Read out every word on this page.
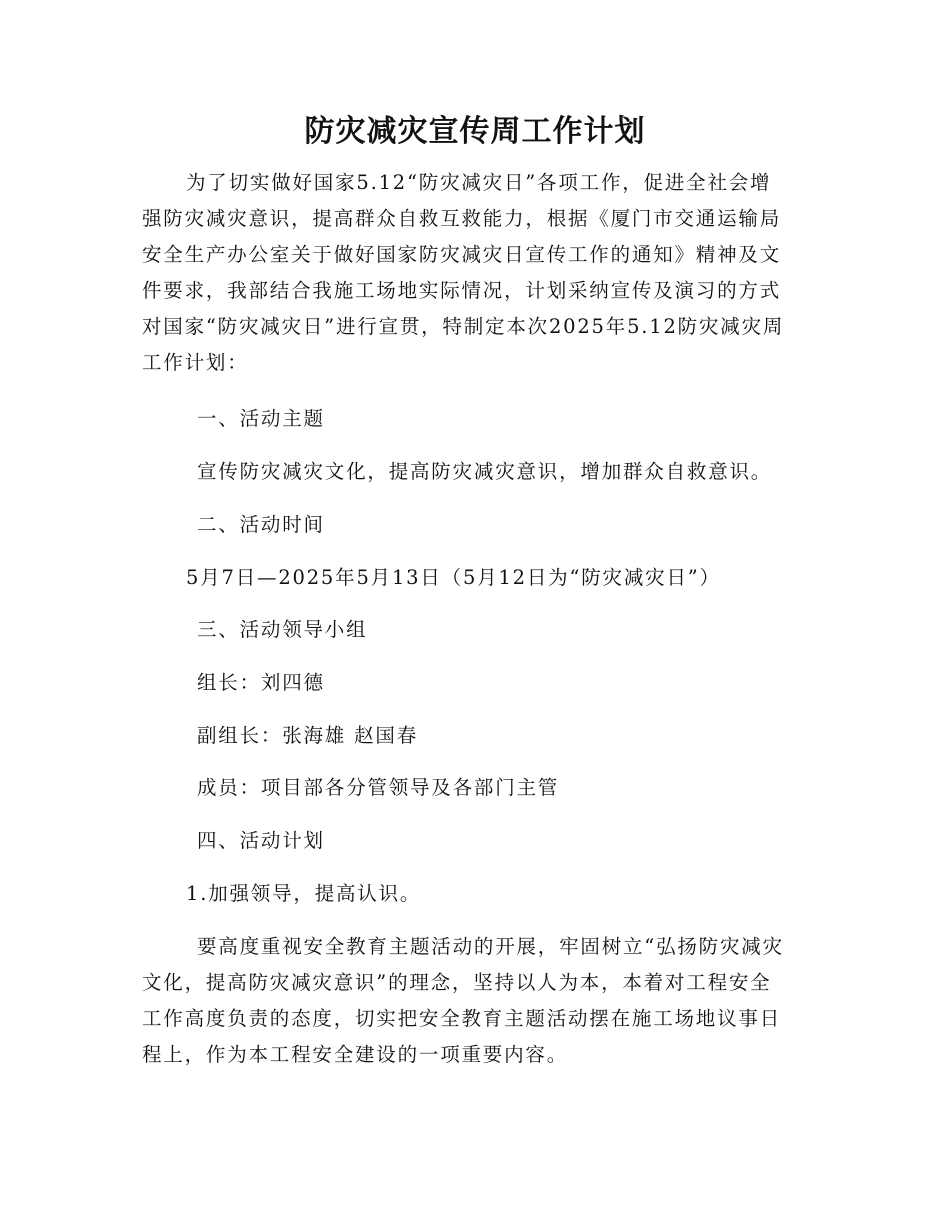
防灾减灾宣传周工作计划
为了切实做好国家5.12“防灾减灾日”各项工作，促进全社会增
强防灾减灾意识，提高群众自救互救能力，根据《厦门市交通运输局
安全生产办公室关于做好国家防灾减灾日宣传工作的通知》精神及文
件要求，我部结合我施工场地实际情况，计划采纳宣传及演习的方式
对国家“防灾减灾日”进行宣贯，特制定本次2025年5.12防灾减灾周
工作计划：
一、活动主题
宣传防灾减灾文化，提高防灾减灾意识，增加群众自救意识。
二、活动时间
5月7日—2025年5月13日（5月12日为“防灾减灾日”）
三、活动领导小组
组长：刘四德
副组长：张海雄 赵国春
成员：项目部各分管领导及各部门主管
四、活动计划
1.加强领导，提高认识。
要高度重视安全教育主题活动的开展，牢固树立“弘扬防灾减灾
文化，提高防灾减灾意识”的理念，坚持以人为本，本着对工程安全
工作高度负责的态度，切实把安全教育主题活动摆在施工场地议事日
程上，作为本工程安全建设的一项重要内容。
